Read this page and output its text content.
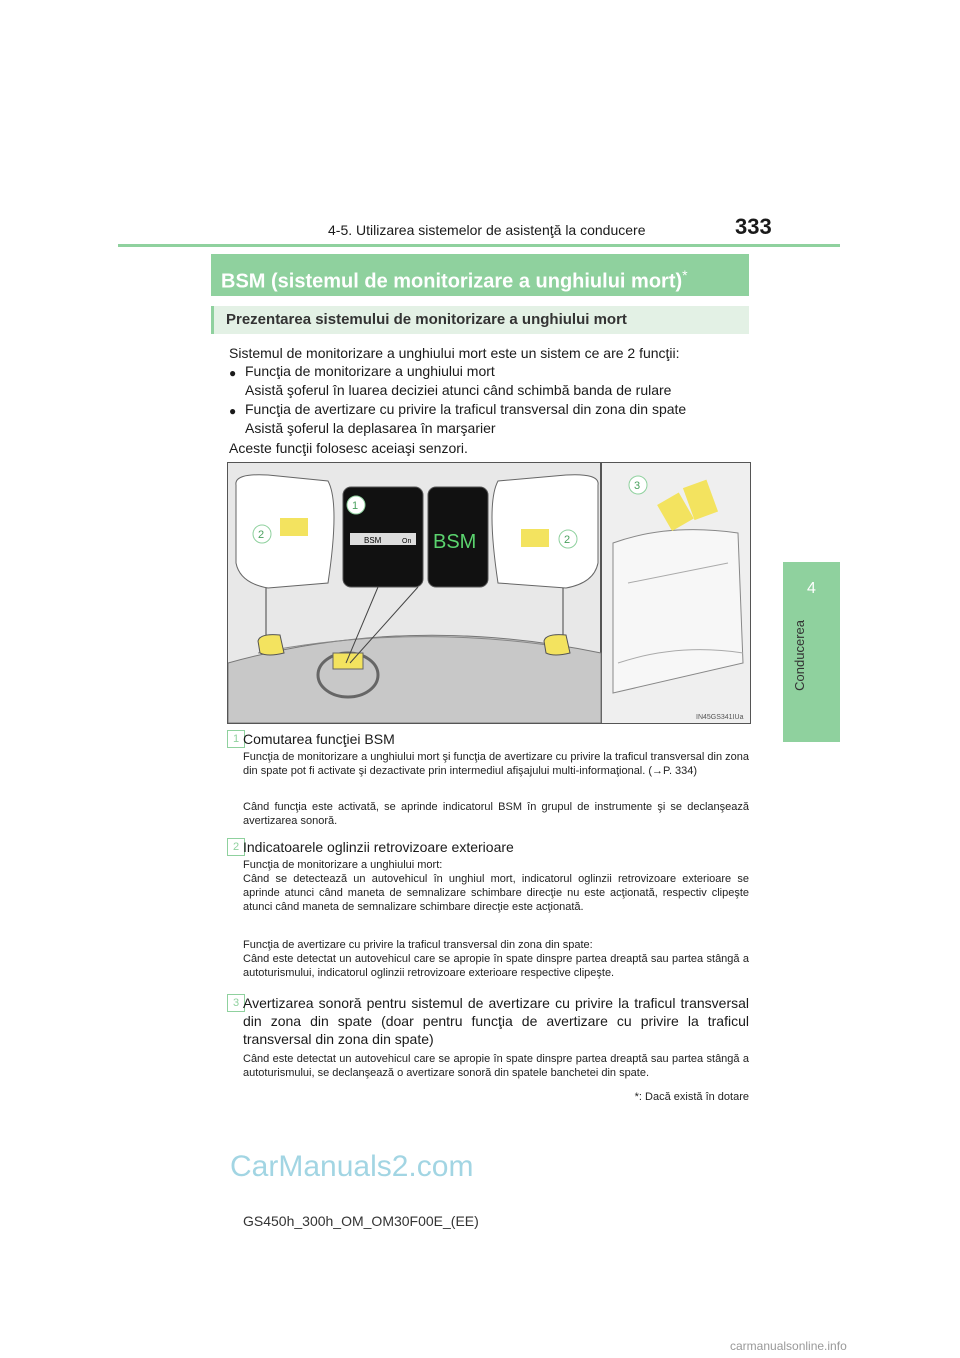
4-5. Utilizarea sistemelor de asistenţă la conducere	333
4
Conducerea
BSM (sistemul de monitorizare a unghiului mort)*
Prezentarea sistemului de monitorizare a unghiului mort
Sistemul de monitorizare a unghiului mort este un sistem ce are 2 funcţii:
● Funcţia de monitorizare a unghiului mort
Asistă şoferul în luarea deciziei atunci când schimbă banda de rulare
● Funcţia de avertizare cu privire la traficul transversal din zona din spate
Asistă şoferul la deplasarea în marşarier
Aceste funcţii folosesc aceiaşi senzori.
2	2
BSM	On BSM
1
3
IN45GS341IUa
1 Comutarea funcţiei BSM
Funcţia de monitorizare a unghiului mort şi funcţia de avertizare cu privire la traficul transversal din zona din spate pot fi activate şi dezactivate prin intermediul afişajului multi-informaţional. (→P. 334)
Când funcţia este activată, se aprinde indicatorul BSM în grupul de instrumente şi se declanşează avertizarea sonoră.
2 Indicatoarele oglinzii retrovizoare exterioare
Funcţia de monitorizare a unghiului mort:
Când se detectează un autovehicul în unghiul mort, indicatorul oglinzii retrovizoare exterioare se aprinde atunci când maneta de semnalizare schimbare direcţie nu este acţionată, respectiv clipeşte atunci când maneta de semnalizare schimbare direcţie este acţionată.
Funcţia de avertizare cu privire la traficul transversal din zona din spate:
Când este detectat un autovehicul care se apropie în spate dinspre partea dreaptă sau partea stângă a autoturismului, indicatorul oglinzii retrovizoare exterioare respective clipeşte.
3 Avertizarea sonoră pentru sistemul de avertizare cu privire la traficul transversal din zona din spate (doar pentru funcţia de avertizare cu privire la traficul transversal din zona din spate)
Când este detectat un autovehicul care se apropie în spate dinspre partea dreaptă sau partea stângă a autoturismului, se declanşează o avertizare sonoră din spatele banchetei din spate.
*: Dacă există în dotare
CarManuals2.com
GS450h_300h_OM_OM30F00E_(EE)
carmanualsonline.info
